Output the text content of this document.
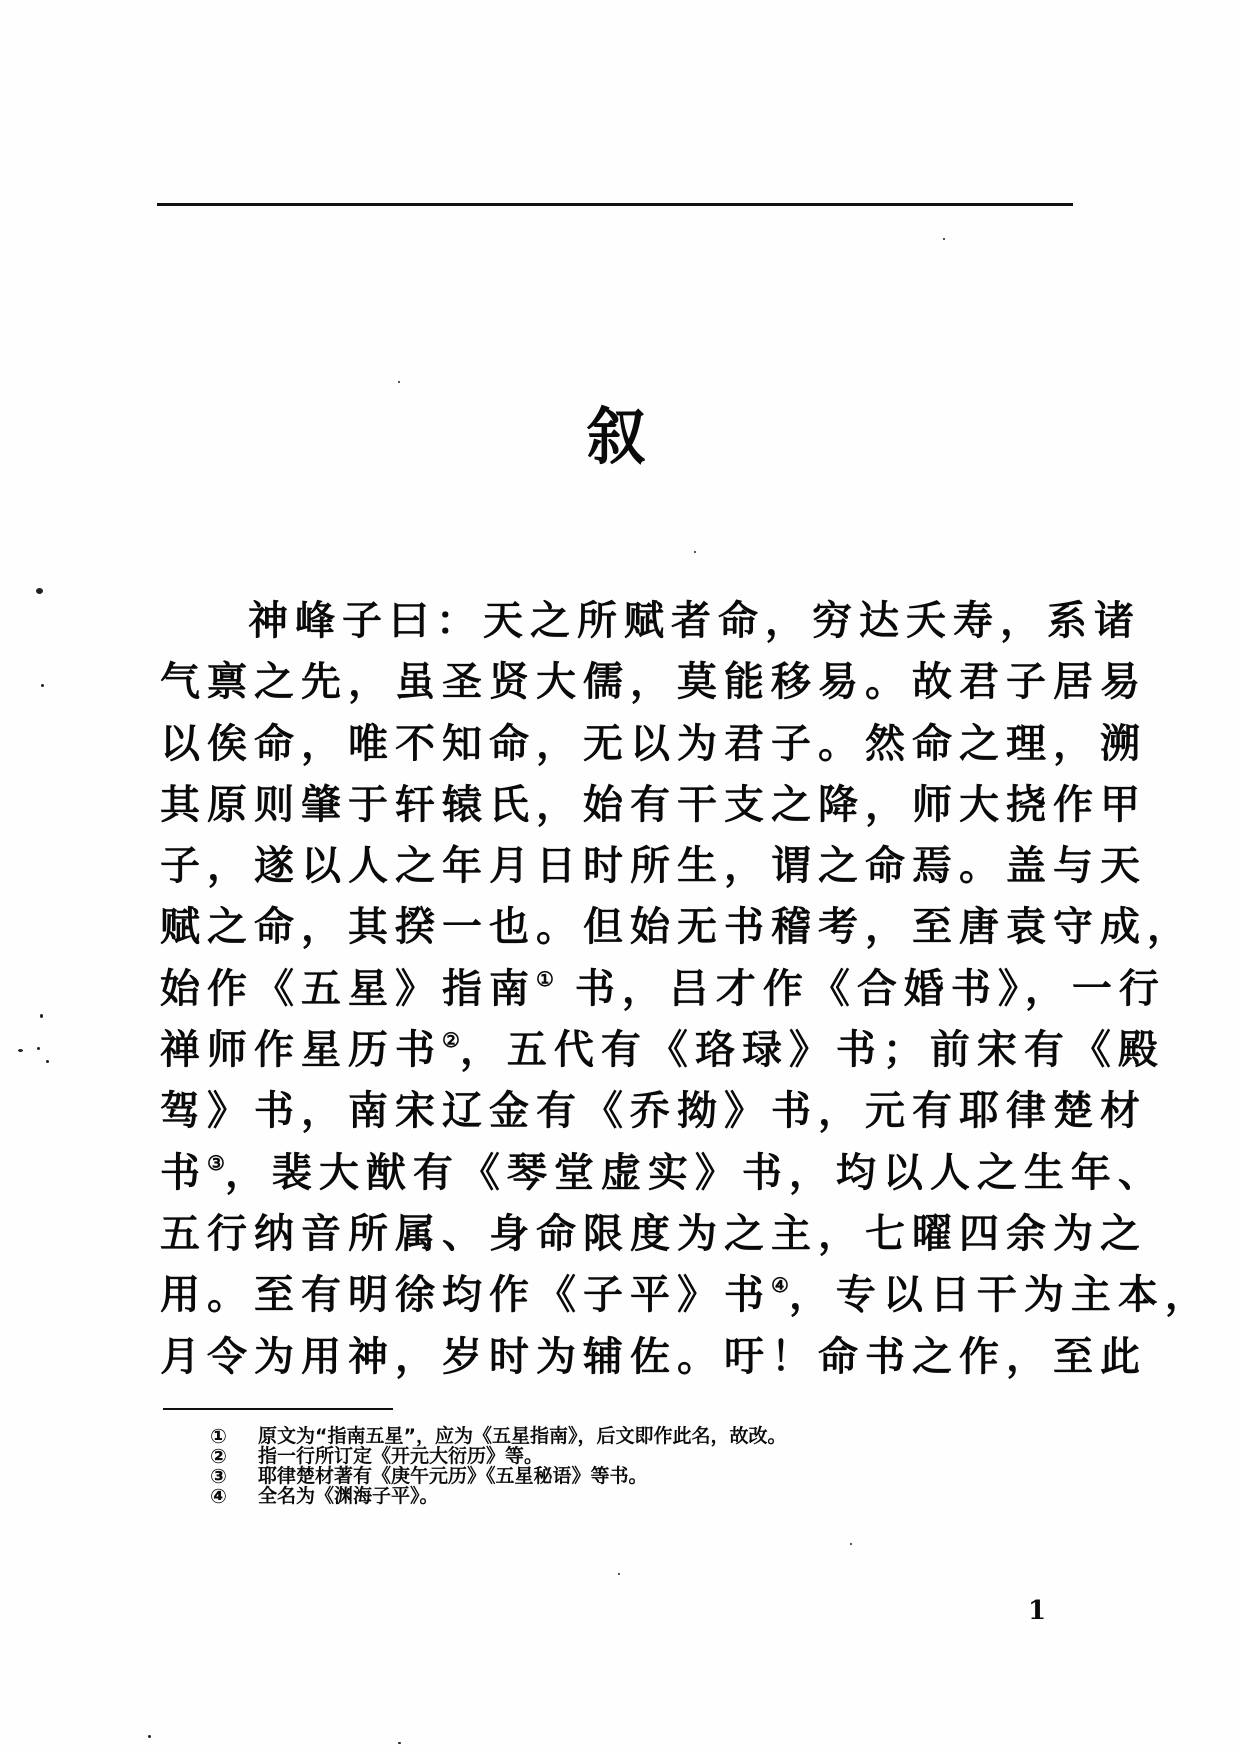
叙
神峰子曰：天之所赋者命，穷达夭寿，系诸
气禀之先，虽圣贤大儒，莫能移易。故君子居易
以俟命，唯不知命，无以为君子。然命之理，溯
其原则肇于轩辕氏，始有干支之降，师大挠作甲
子，遂以人之年月日时所生，谓之命焉。盖与天
赋之命，其揆一也。但始无书稽考，至唐袁守成，
始作《五星》指南① 书，吕才作《合婚书》，一行
禅师作星历书②，五代有《珞琭》书；前宋有《殿
驾》书，南宋辽金有《乔拗》书，元有耶律楚材
书③，裴大猷有《琴堂虚实》书，均以人之生年、
五行纳音所属、身命限度为之主，七曜四余为之
用。至有明徐均作《子平》书④，专以日干为主本，
月令为用神，岁时为辅佐。吁！命书之作，至此
①	原文为“指南五星”，应为《五星指南》，后文即作此名，故改。
②	指一行所订定《开元大衍历》等。
③	耶律楚材著有《庚午元历》《五星秘语》等书。
④	全名为《渊海子平》。
1
